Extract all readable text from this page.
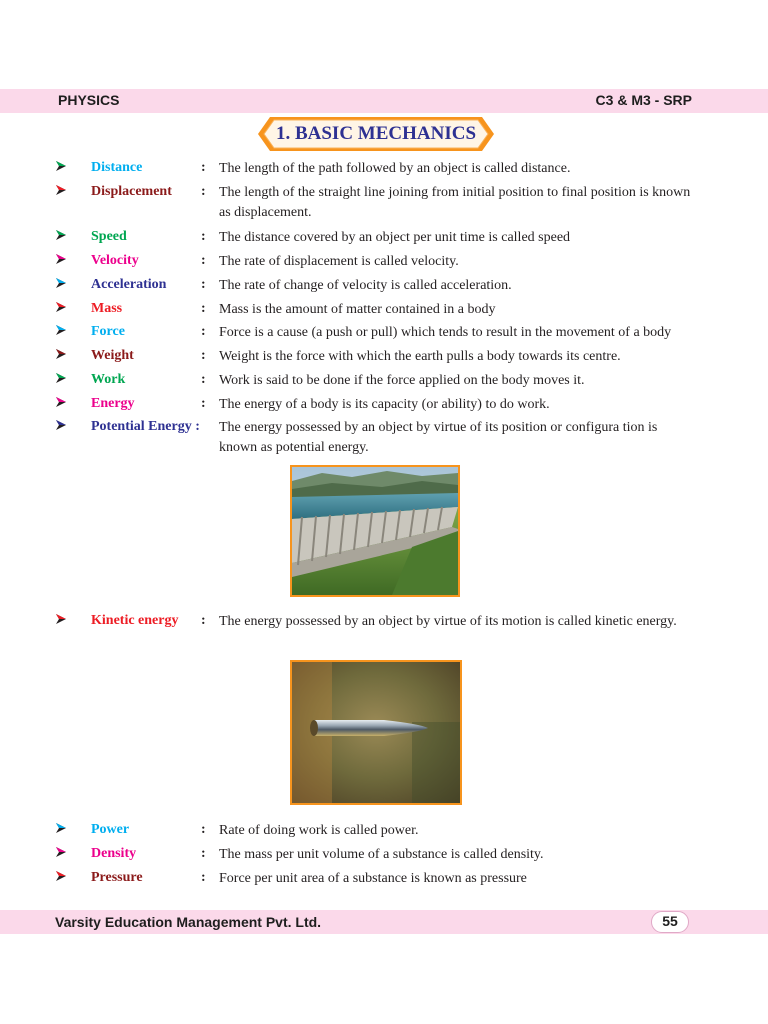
PHYSICS	C3 & M3 - SRP
1. BASIC MECHANICS
Distance	: The length of the path followed by an object is called distance.
Displacement : The length of the straight line joining from initial position to final position is known as displacement.
Speed	: The distance covered by an object per unit time is called speed
Velocity	: The rate of displacement is called velocity.
Acceleration : The rate of change of velocity is called acceleration.
Mass	: Mass is the amount of matter contained in a body
Force	: Force is a cause (a push or pull) which tends to result in the movement of a body
Weight	: Weight is the force with which the earth pulls a body towards its centre.
Work	: Work is said to be done if the force applied on the body moves it.
Energy	: The energy of a body is its capacity (or ability) to do work.
Potential Energy : The energy possessed by an object by virtue of its position or configura tion is known as potential energy.
Kinetic energy : The energy possessed by an object by virtue of its motion is called kinetic energy.
Power	: Rate of doing work is called power.
Density	: The mass per unit volume of a substance is called density.
Pressure	: Force per unit area of a substance is known as pressure
Varsity Education Management Pvt. Ltd.	55
